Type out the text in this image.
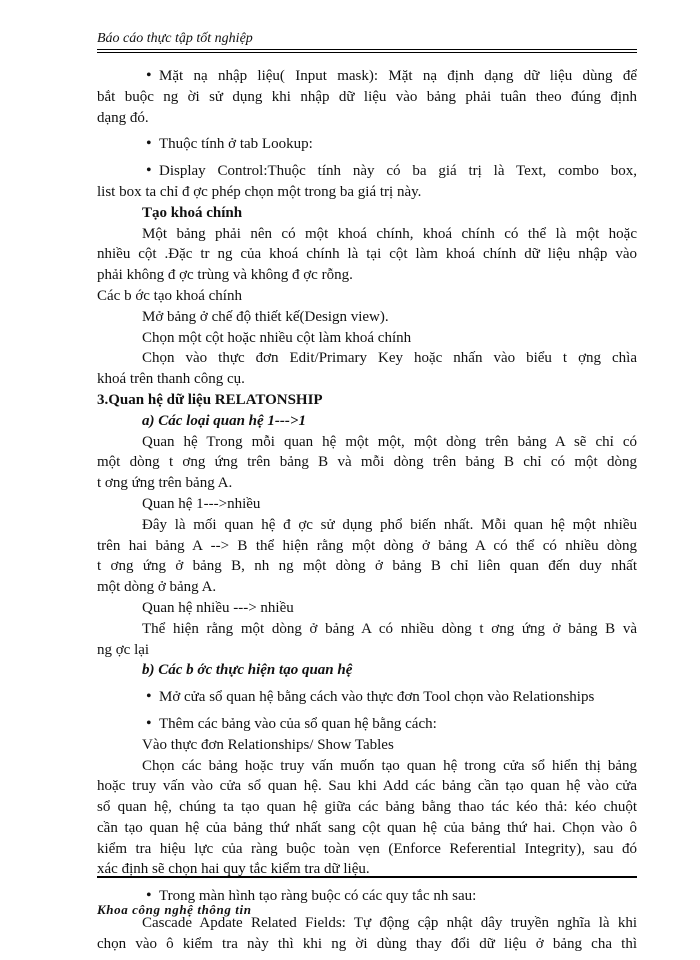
Báo cáo thực tập tốt nghiệp
• Mặt nạ nhập liệu( Input mask): Mặt nạ định dạng dữ liệu dùng để
bắt buộc ng ời sử dụng khi nhập dữ liệu vào bảng phải tuân theo đúng định
dạng đó.
• Thuộc tính ở tab Lookup:
• Display Control:Thuộc tính này có ba giá trị là Text, combo box,
list box ta chỉ đ ợc phép chọn một trong ba giá trị này.
Tạo khoá chính
Một bảng phải nên có một khoá chính, khoá chính có thể là một hoặc
nhiều cột .Đặc tr ng của khoá chính là tại cột làm khoá chính dữ liệu nhập vào
phải không đ ợc trùng và không đ ợc rỗng.
Các b ớc tạo khoá chính
Mở bảng ở chế độ thiết kế(Design view).
Chọn một cột hoặc nhiều cột làm khoá chính
Chọn vào thực đơn Edit/Primary Key hoặc nhấn vào biểu t ợng chìa
khoá trên thanh công cụ.
3.Quan hệ dữ liệu RELATONSHIP
a) Các loại quan hệ 1--->1
Quan hệ Trong mỗi quan hệ một một, một dòng trên bảng A sẽ chỉ có
một dòng t ơng ứng trên bảng B và mỗi dòng trên bảng B chỉ có một dòng
t ơng ứng trên bảng A.
Quan hệ 1--->nhiều
Đây là mối quan hệ đ ợc sử dụng phổ biến nhất. Mỗi quan hệ một nhiều
trên hai bảng A --> B thể hiện rằng một dòng ở bảng A có thể có nhiều dòng
t ơng ứng ở bảng B, nh ng một dòng ở bảng B chỉ liên quan đến duy nhất
một dòng ở bảng A.
Quan hệ nhiều ---> nhiều
Thể hiện rằng một dòng ở bảng A có nhiều dòng t ơng ứng ở bảng B và
ng ợc lại
b) Các b ớc thực hiện tạo quan hệ
• Mở cửa sổ quan hệ bằng cách vào thực đơn Tool chọn vào Relationships
• Thêm các bảng vào của sổ quan hệ bằng cách:
Vào thực đơn Relationships/ Show Tables
Chọn các bảng hoặc truy vấn muốn tạo quan hệ trong cửa sổ hiển thị bảng
hoặc truy vấn vào cửa sổ quan hệ. Sau khi Add các bảng cần tạo quan hệ vào cửa
sổ quan hệ, chúng ta tạo quan hệ giữa các bảng bằng thao tác kéo thả: kéo chuột
cần tạo quan hệ của bảng thứ nhất sang cột quan hệ của bảng thứ hai. Chọn vào ô
kiểm tra hiệu lực của ràng buộc toàn vẹn (Enforce Referential Integrity), sau đó
xác định sẽ chọn hai quy tắc kiểm tra dữ liệu.
• Trong màn hình tạo ràng buộc có các quy tắc nh sau:
Cascade Apdate Related Fields: Tự động cập nhật dây truyền nghĩa là khi
chọn vào ô kiểm tra này thì khi ng ời dùng thay đổi dữ liệu ở bảng cha thì
Khoa công nghệ thông tin
